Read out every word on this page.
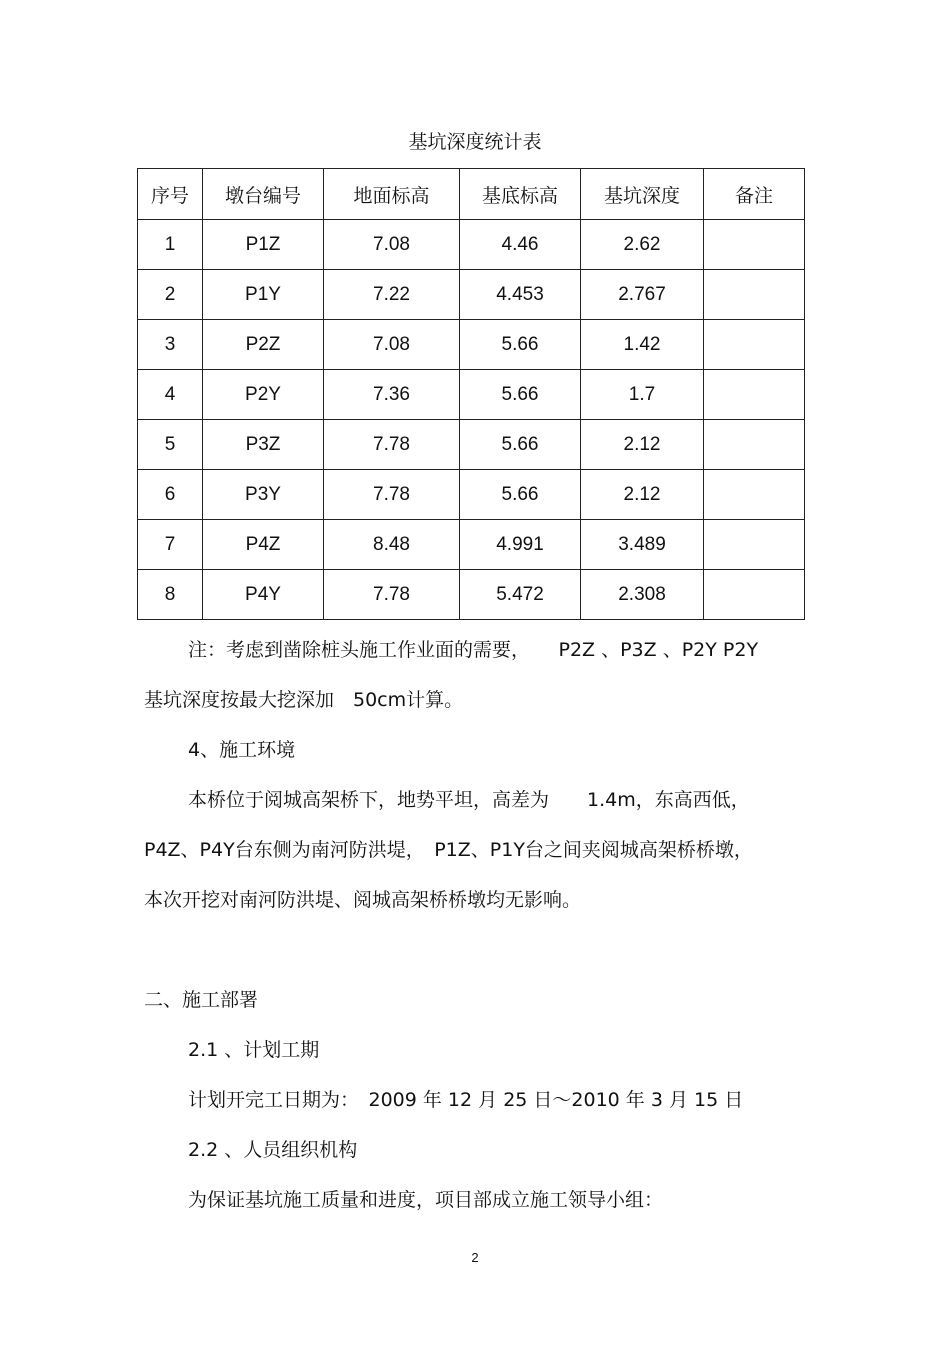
基坑深度统计表
序号	墩台编号	地面标高	基底标高	基坑深度	备注
1	P1Z	7.08	4.46	2.62	
2	P1Y	7.22	4.453	2.767	
3	P2Z	7.08	5.66	1.42	
4	P2Y	7.36	5.66	1.7	
5	P3Z	7.78	5.66	2.12	
6	P3Y	7.78	5.66	2.12	
7	P4Z	8.48	4.991	3.489	
8	P4Y	7.78	5.472	2.308	
注：考虑到凿除桩头施工作业面的需要，　　P2Z 、P3Z 、P2Y P2Y
基坑深度按最大挖深加　50cm计算。
4、施工环境
本桥位于阅城高架桥下，地势平坦，高差为　　1.4m，东高西低，
P4Z、P4Y台东侧为南河防洪堤，　P1Z、P1Y台之间夹阅城高架桥桥墩，
本次开挖对南河防洪堤、阅城高架桥桥墩均无影响。
二、施工部署
2.1 、计划工期
计划开完工日期为：　2009 年 12 月 25 日～2010 年 3 月 15 日
2.2 、人员组织机构
为保证基坑施工质量和进度，项目部成立施工领导小组：
2
